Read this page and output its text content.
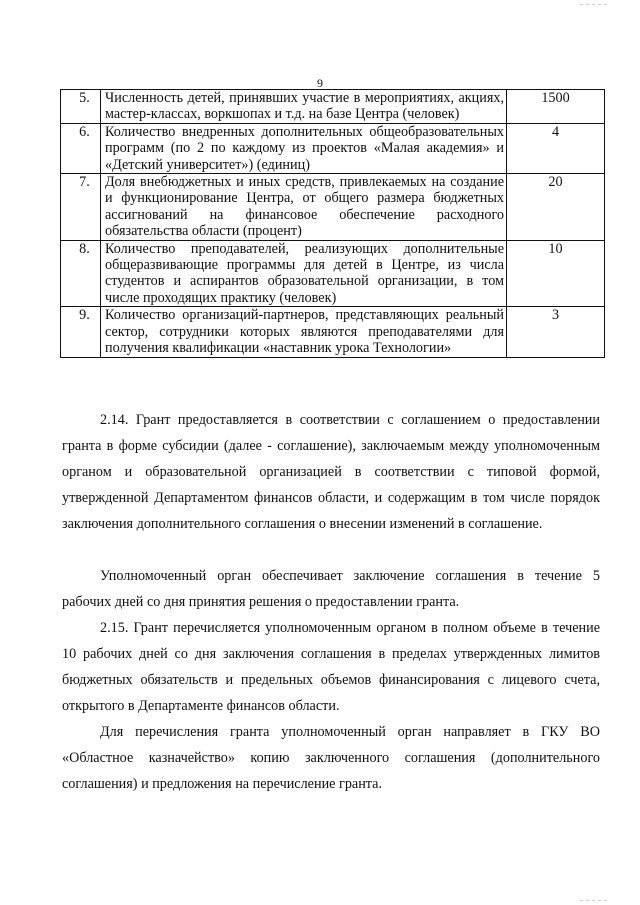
9
5.	Численность детей, принявших участие в мероприятиях, акциях, мастер-классах, воркшопах и т.д. на базе Центра (человек)	1500
6.	Количество внедренных дополнительных общеобразовательных программ (по 2 по каждому из проектов «Малая академия» и «Детский университет») (единиц)	4
7.	Доля внебюджетных и иных средств, привлекаемых на создание и функционирование Центра, от общего размера бюджетных ассигнований на финансовое обеспечение расходного обязательства области (процент)	20
8.	Количество преподавателей, реализующих дополнительные общеразвивающие программы для детей в Центре, из числа студентов и аспирантов образовательной организации, в том числе проходящих практику (человек)	10
9.	Количество организаций-партнеров, представляющих реальный сектор, сотрудники которых являются преподавателями для получения квалификации «наставник урока Технологии»	3

2.14. Грант предоставляется в соответствии с соглашением о предоставлении гранта в форме субсидии (далее - соглашение), заключаемым между уполномоченным органом и образовательной организацией в соответствии с типовой формой, утвержденной Департаментом финансов области, и содержащим в том числе порядок заключения дополнительного соглашения о внесении изменений в соглашение.

Уполномоченный орган обеспечивает заключение соглашения в течение 5 рабочих дней со дня принятия решения о предоставлении гранта.

2.15. Грант перечисляется уполномоченным органом в полном объеме в течение 10 рабочих дней со дня заключения соглашения в пределах утвержденных лимитов бюджетных обязательств и предельных объемов финансирования с лицевого счета, открытого в Департаменте финансов области.

Для перечисления гранта уполномоченный орган направляет в ГКУ ВО «Областное казначейство» копию заключенного соглашения (дополнительного соглашения) и предложения на перечисление гранта.
